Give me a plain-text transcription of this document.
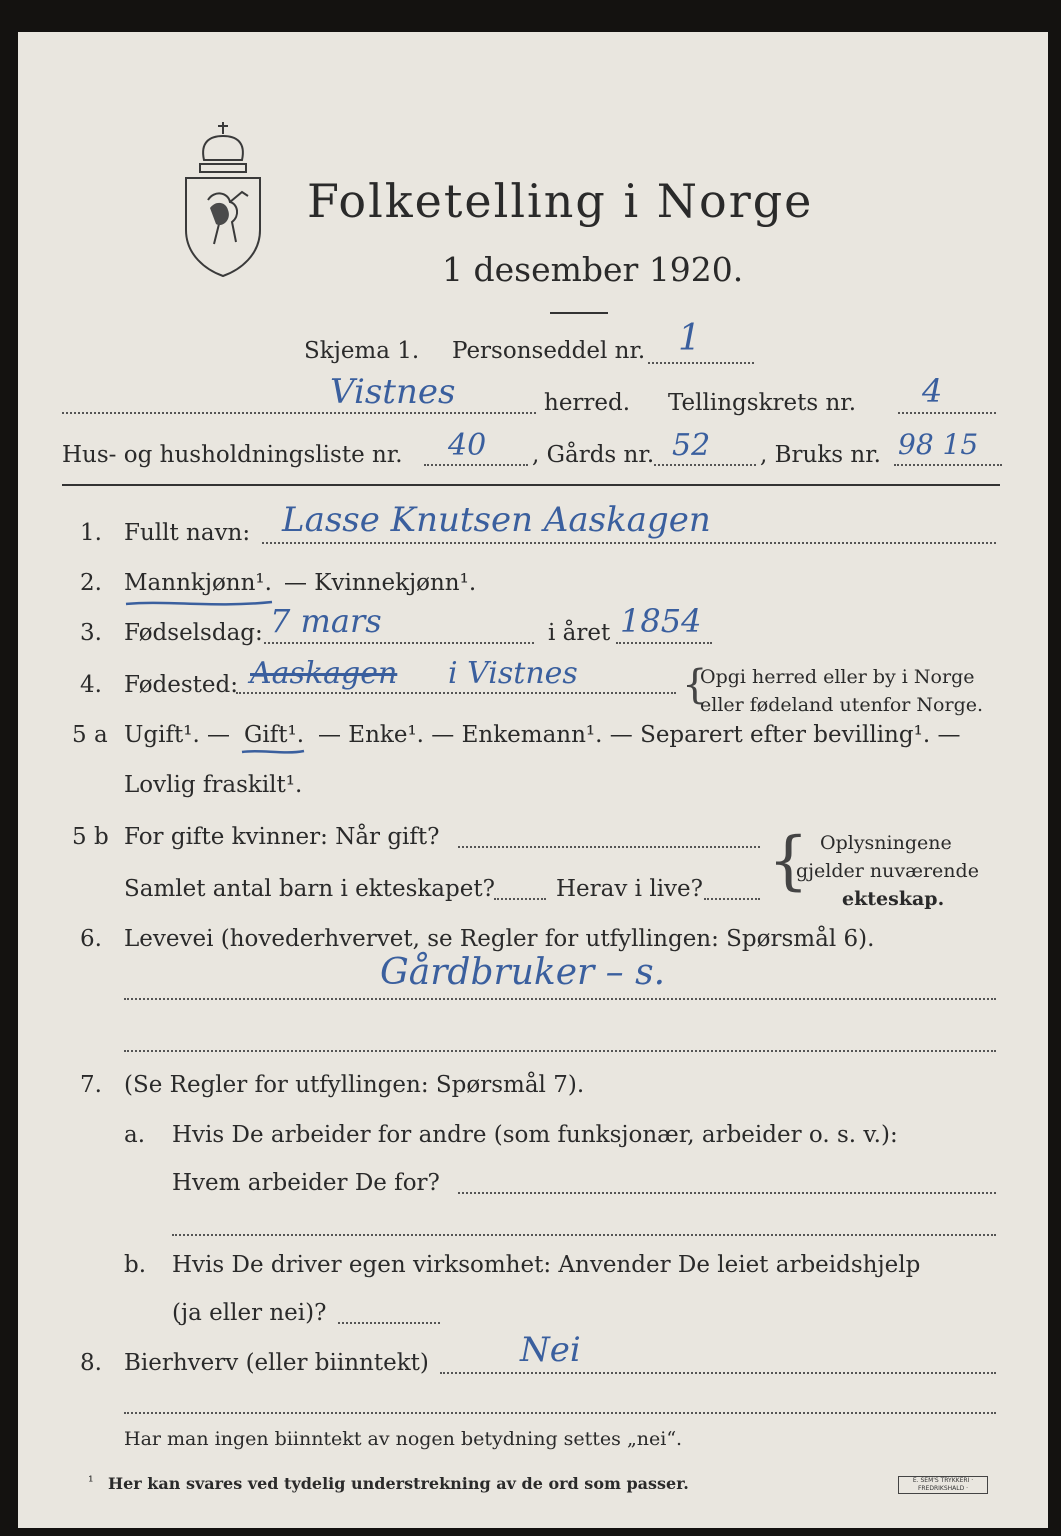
Folketelling i Norge
1 desember 1920.
Skjema 1. Personseddel nr. 1
Vistnes	herred. Tellingskrets nr. 4
Hus- og husholdningsliste nr. 40 , Gårds nr. 52 , Bruks nr. 98 15
1. Fullt navn: Lasse Knutsen Aaskagen
2. Mannkjønn¹. — Kvinnekjønn¹.
3. Fødselsdag: 7 mars	i året 1854
4. Fødested: Aaskagen i Vistnes	{
Opgi herred eller by i Norge
eller fødeland utenfor Norge.
5 a Ugift¹. — Gift¹. — Enke¹. — Enkemann¹. — Separert efter bevilling¹. —
Lovlig fraskilt¹.
5 b For gifte kvinner: Når gift?
Samlet antal barn i ekteskapet?	Herav i live? { Oplysningene
gjelder nuværende
ekteskap.
6. Levevei (hovederhvervet, se Regler for utfyllingen: Spørsmål 6).
Gårdbruker – s.
7. (Se Regler for utfyllingen: Spørsmål 7).
a. Hvis De arbeider for andre (som funksjonær, arbeider o. s. v.):
Hvem arbeider De for?
b. Hvis De driver egen virksomhet: Anvender De leiet arbeidshjelp
(ja eller nei)?
8. Bierhverv (eller biinntekt)	Nei
Har man ingen biinntekt av nogen betydning settes „nei“.
¹ Her kan svares ved tydelig understrekning av de ord som passer.	E. SEM'S TRYKKERI · FREDRIKSHALD ·
